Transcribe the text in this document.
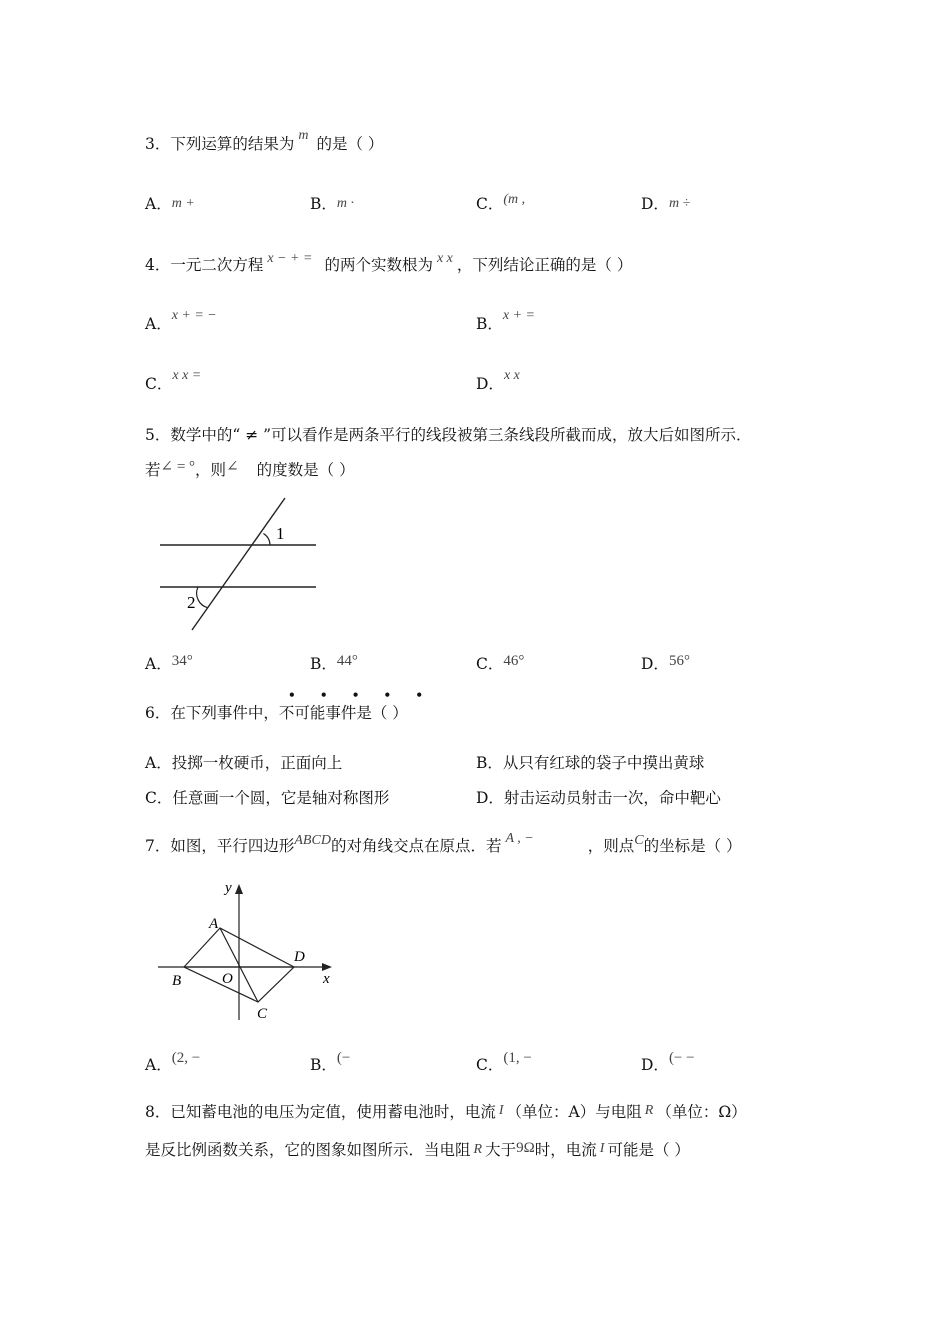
3．下列运算的结果为 m 的是（ ）
A．m +	B．m ·	C．(m ,	D．m ÷
4．一元二次方程 x − + = 的两个实数根为 x x ，下列结论正确的是（ ）
A．x + = −	B．x + =
C．x x =	D．x x
5．数学中的“ ≠ ”可以看作是两条平行的线段被第三条线段所截而成，放大后如图所示．
若∠ = °，则∠ 的度数是（ ）
1
2
A．34°	B．44°	C．46°	D．56°
• • • • •
6．在下列事件中，不可能事件是（ ）
A．投掷一枚硬币，正面向上	B．从只有红球的袋子中摸出黄球
C．任意画一个圆，它是轴对称图形	D．射击运动员射击一次，命中靶心
7．如图，平行四边形ABCD的对角线交点在原点．若 A , −	，则点C的坐标是（ ）
y
x
A
B
C
D
O
A．(2, −	B．(−	C．(1, −	D．(− −
8．已知蓄电池的电压为定值，使用蓄电池时，电流 I （单位：A）与电阻 R （单位：Ω）
是反比例函数关系，它的图象如图所示．当电阻 R 大于9Ω时，电流 I 可能是（ ）
